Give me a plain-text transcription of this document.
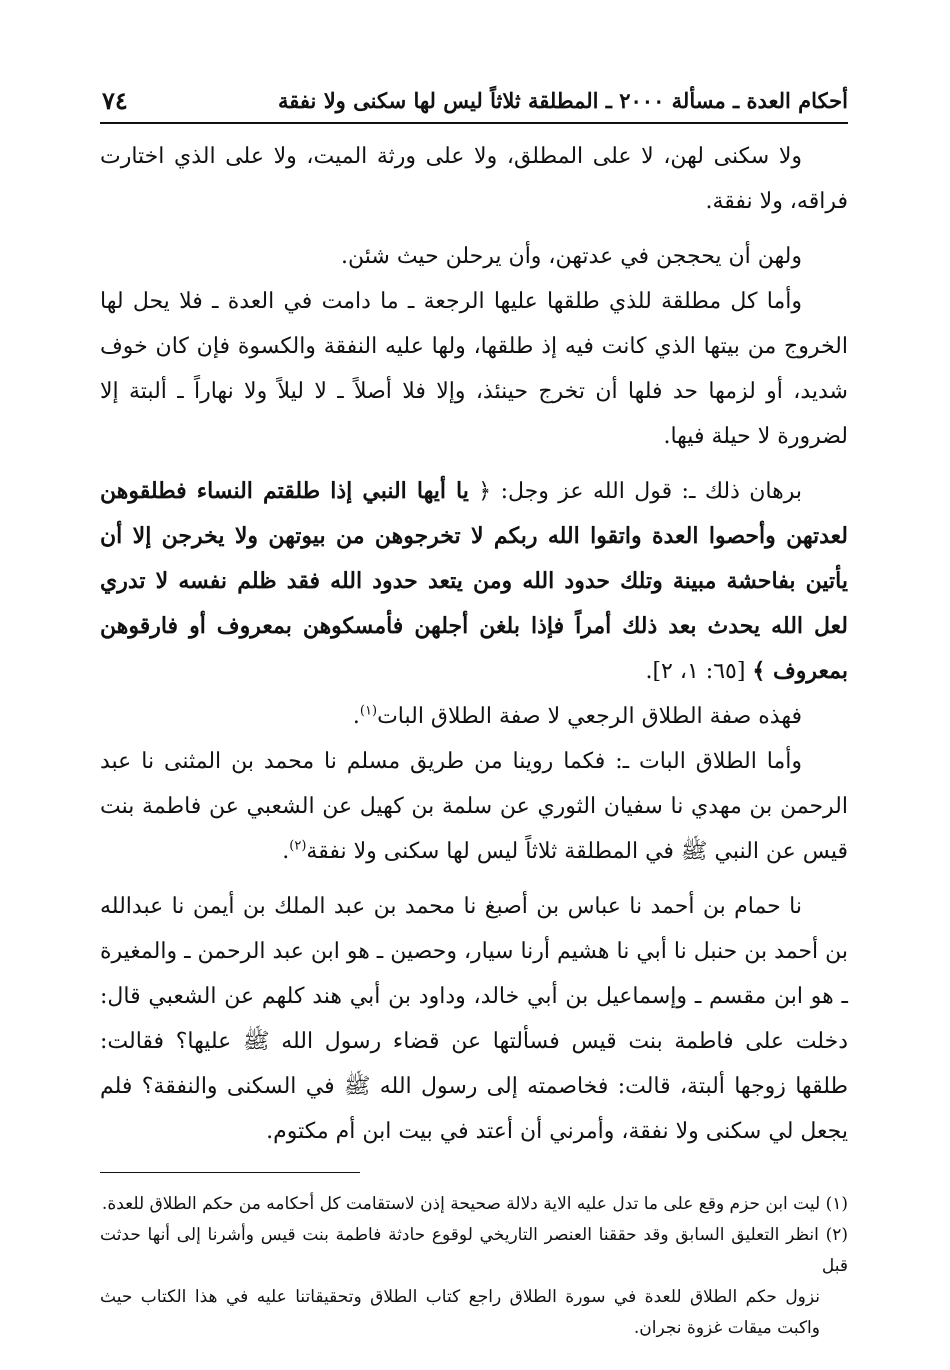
٧٤	أحكام العدة ـ مسألة ٢٠٠٠ ـ المطلقة ثلاثاً ليس لها سكنى ولا نفقة

ولا سكنى لهن، لا على المطلق، ولا على ورثة الميت، ولا على الذي اختارت فراقه، ولا نفقة.

ولهن أن يحججن في عدتهن، وأن يرحلن حيث شئن.

وأما كل مطلقة للذي طلقها عليها الرجعة ـ ما دامت في العدة ـ فلا يحل لها الخروج من بيتها الذي كانت فيه إذ طلقها، ولها عليه النفقة والكسوة فإن كان خوف شديد، أو لزمها حد فلها أن تخرج حينئذ، وإلا فلا أصلاً ـ لا ليلاً ولا نهاراً ـ ألبتة إلا لضرورة لا حيلة فيها.

برهان ذلك ـ: قول الله عز وجل: ﴿ يا أيها النبي إذا طلقتم النساء فطلقوهن لعدتهن وأحصوا العدة واتقوا الله ربكم لا تخرجوهن من بيوتهن ولا يخرجن إلا أن يأتين بفاحشة مبينة وتلك حدود الله ومن يتعد حدود الله فقد ظلم نفسه لا تدري لعل الله يحدث بعد ذلك أمراً فإذا بلغن أجلهن فأمسكوهن بمعروف أو فارقوهن بمعروف ﴾ [٦٥: ١، ٢].

فهذه صفة الطلاق الرجعي لا صفة الطلاق البات$^{(١)}$.

وأما الطلاق البات ـ: فكما روينا من طريق مسلم نا محمد بن المثنى نا عبد الرحمن بن مهدي نا سفيان الثوري عن سلمة بن كهيل عن الشعبي عن فاطمة بنت قيس عن النبي ﷺ في المطلقة ثلاثاً ليس لها سكنى ولا نفقة$^{(٢)}$.

نا حمام بن أحمد نا عباس بن أصبغ نا محمد بن عبد الملك بن أيمن نا عبدالله بن أحمد بن حنبل نا أبي نا هشيم أرنا سيار، وحصين ـ هو ابن عبد الرحمن ـ والمغيرة ـ هو ابن مقسم ـ وإسماعيل بن أبي خالد، وداود بن أبي هند كلهم عن الشعبي قال: دخلت على فاطمة بنت قيس فسألتها عن قضاء رسول الله ﷺ عليها؟ فقالت: طلقها زوجها ألبتة، قالت: فخاصمته إلى رسول الله ﷺ في السكنى والنفقة؟ فلم يجعل لي سكنى ولا نفقة، وأمرني أن أعتد في بيت ابن أم مكتوم.

(١) ليت ابن حزم وقع على ما تدل عليه الاية دلالة صحيحة إذن لاستقامت كل أحكامه من حكم الطلاق للعدة.

(٢) انظر التعليق السابق وقد حققنا العنصر التاريخي لوقوع حادثة فاطمة بنت قيس وأشرنا إلى أنها حدثت قبل

نزول حكم الطلاق للعدة في سورة الطلاق راجع كتاب الطلاق وتحقيقاتنا عليه في هذا الكتاب حيث واكبت ميقات غزوة نجران.
